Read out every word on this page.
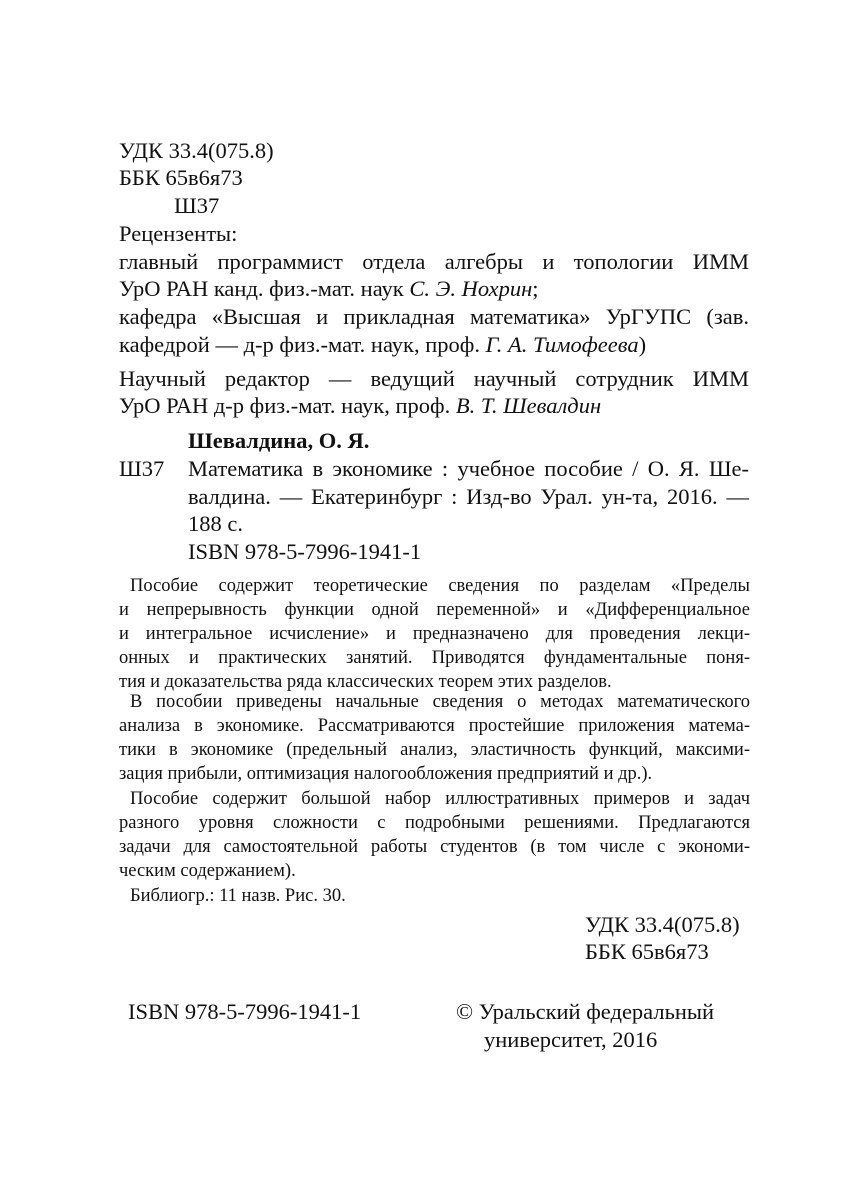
УДК 33.4(075.8)
ББК 65в6я73
Ш37
Рецензенты:
главный программист отдела алгебры и топологии ИММ
УрО РАН канд. физ.-мат. наук С. Э. Нохрин;
кафедра «Высшая и прикладная математика» УрГУПС (зав.
кафедрой — д-р физ.-мат. наук, проф. Г. А. Тимофеева)
Научный редактор — ведущий научный сотрудник ИММ
УрО РАН д-р физ.-мат. наук, проф. В. Т. Шевалдин
Шевалдина, О. Я.
Ш37 Математика в экономике : учебное пособие / О. Я. Ше-
валдина. — Екатеринбург : Изд-во Урал. ун-та, 2016. —
188 с.
ISBN 978-5-7996-1941-1
Пособие содержит теоретические сведения по разделам «Пределы
и непрерывность функции одной переменной» и «Дифференциальное
и интегральное исчисление» и предназначено для проведения лекци-
онных и практических занятий. Приводятся фундаментальные поня-
тия и доказательства ряда классических теорем этих разделов.
В пособии приведены начальные сведения о методах математического
анализа в экономике. Рассматриваются простейшие приложения матема-
тики в экономике (предельный анализ, эластичность функций, максими-
зация прибыли, оптимизация налогообложения предприятий и др.).
Пособие содержит большой набор иллюстративных примеров и задач
разного уровня сложности с подробными решениями. Предлагаются
задачи для самостоятельной работы студентов (в том числе с экономи-
ческим содержанием).
Библиогр.: 11 назв. Рис. 30.
УДК 33.4(075.8)
ББК 65в6я73
ISBN 978-5-7996-1941-1	© Уральский федеральный
университет, 2016
